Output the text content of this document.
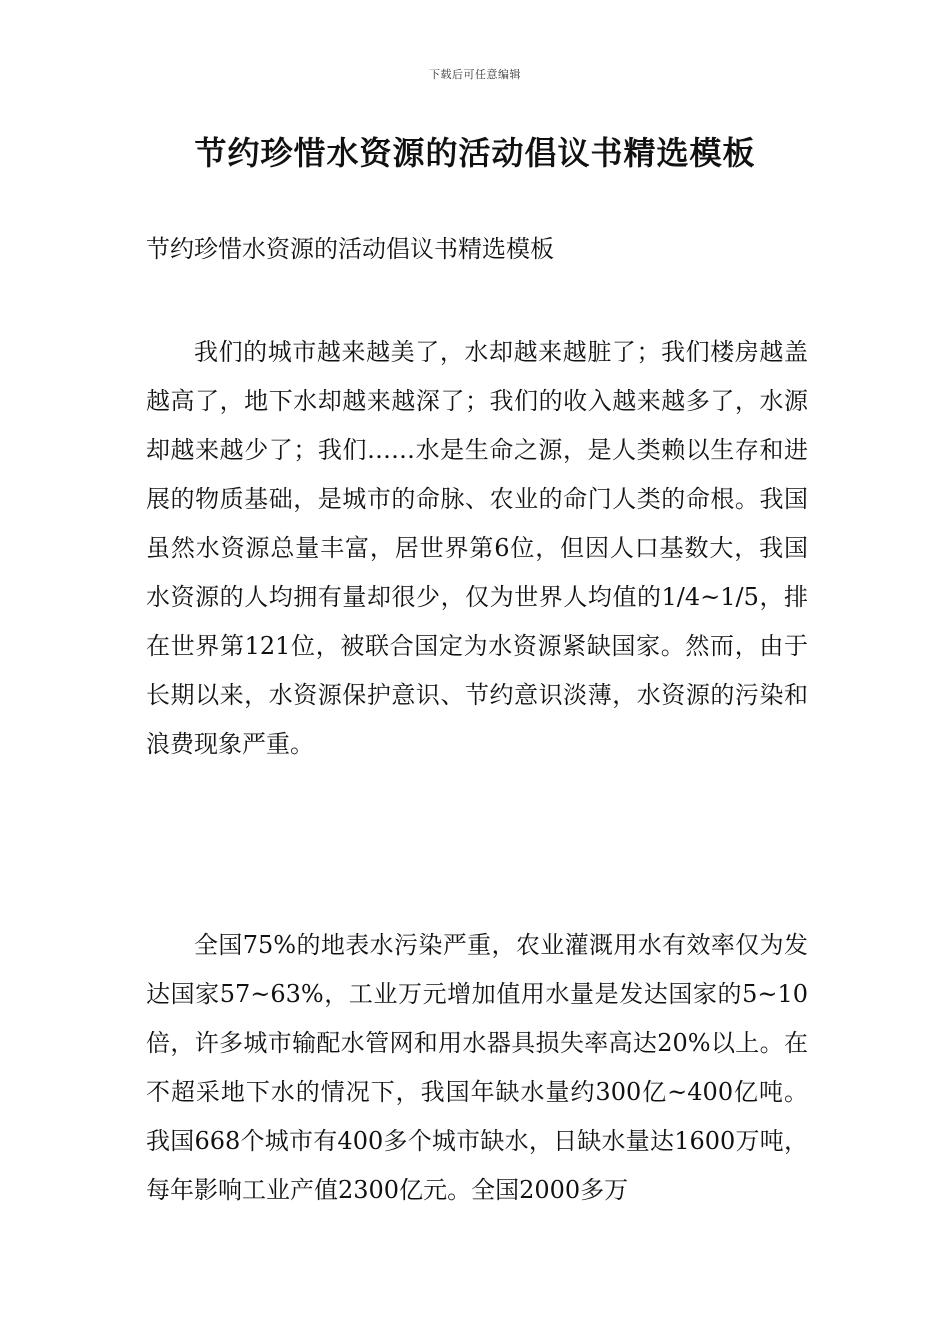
下载后可任意编辑
节约珍惜水资源的活动倡议书精选模板
节约珍惜水资源的活动倡议书精选模板

我们的城市越来越美了，水却越来越脏了；我们楼房越盖越高了，地下水却越来越深了；我们的收入越来越多了，水源却越来越少了；我们……水是生命之源，是人类赖以生存和进展的物质基础，是城市的命脉、农业的命门人类的命根。我国虽然水资源总量丰富，居世界第6位，但因人口基数大，我国水资源的人均拥有量却很少，仅为世界人均值的1/4~1/5，排在世界第121位，被联合国定为水资源紧缺国家。然而，由于长期以来，水资源保护意识、节约意识淡薄，水资源的污染和浪费现象严重。

全国75%的地表水污染严重，农业灌溉用水有效率仅为发达国家57~63%，工业万元增加值用水量是发达国家的5~10倍，许多城市输配水管网和用水器具损失率高达20%以上。在不超采地下水的情况下，我国年缺水量约300亿~400亿吨。我国668个城市有400多个城市缺水，日缺水量达1600万吨，每年影响工业产值2300亿元。全国2000多万
